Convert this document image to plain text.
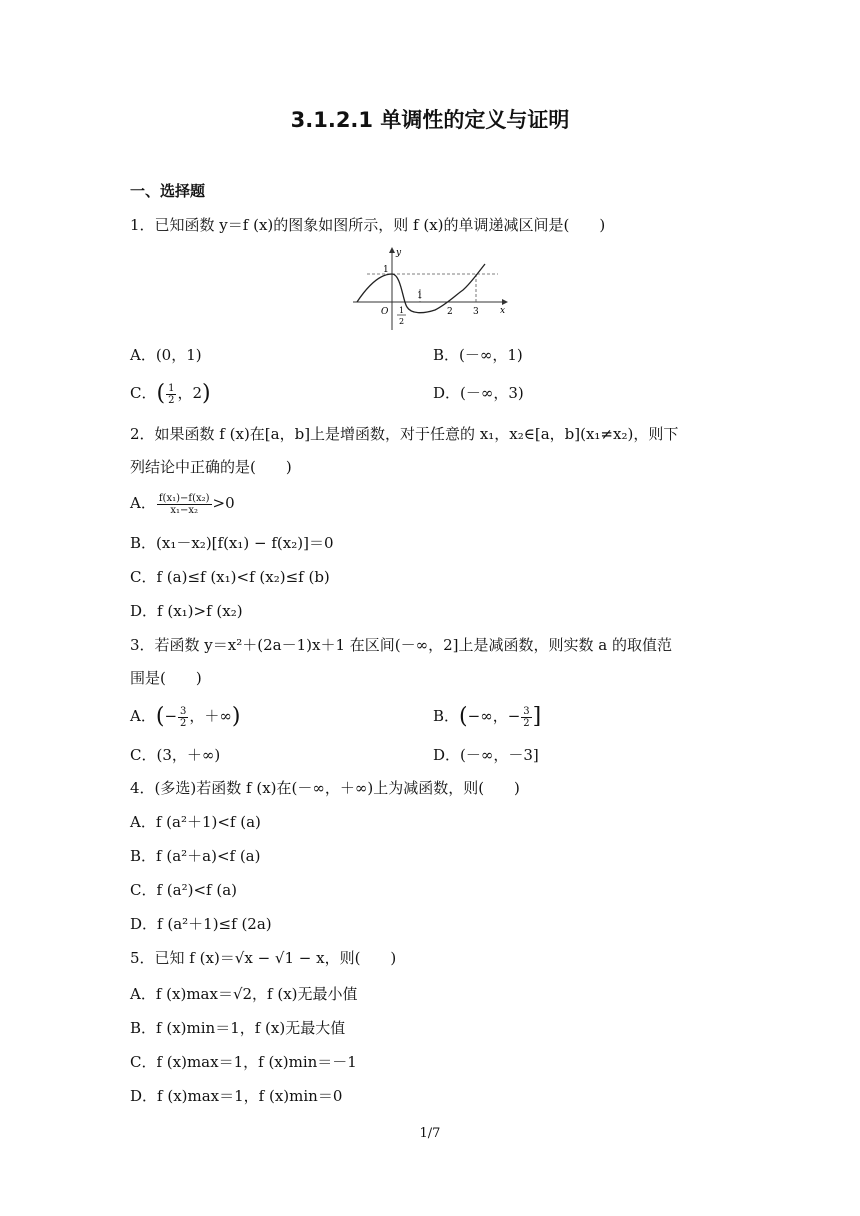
3.1.2.1 单调性的定义与证明
一、选择题
1．已知函数 y＝f (x)的图象如图所示，则 f (x)的单调递减区间是(　　)
y
x
O
1
1
2 3
1
2
A．(0，1)	B．(－∞，1)
C．( $\frac{1}{2}$ ，2)	D．(－∞，3)
2．如果函数 f (x)在[a，b]上是增函数，对于任意的 x₁，x₂∈[a，b](x₁≠x₂)，则下
列结论中正确的是(　　)
A． $\frac{\text{f(x₁)−f(x₂)}}{\text{x₁−x₂}} >0$
B．(x₁－x₂)[f(x₁) − f(x₂)]＝0
C．f (a)≤f (x₁)<f (x₂)≤f (b)
D．f (x₁)>f (x₂)
3．若函数 y＝x²＋(2a－1)x＋1 在区间(－∞，2]上是减函数，则实数 a 的取值范
围是(　　)
A．(− $\frac{3}{2}$ ，＋∞)	B．(−∞，− $\frac{3}{2}$ ]
C．(3，＋∞)	D．(－∞，－3]
4．(多选)若函数 f (x)在(－∞，＋∞)上为减函数，则(　　)
A．f (a²＋1)<f (a)
B．f (a²＋a)<f (a)
C．f (a²)<f (a)
D．f (a²＋1)≤f (2a)
5．已知 f (x)＝√x − √1 − x，则(　　)
A．f (x)max＝√2，f (x)无最小值
B．f (x)min＝1，f (x)无最大值
C．f (x)max＝1，f (x)min＝－1
D．f (x)max＝1，f (x)min＝0
1/7
